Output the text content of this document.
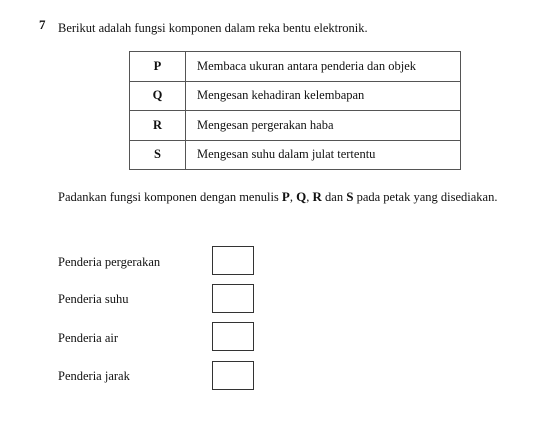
7 Berikut adalah fungsi komponen dalam reka bentu elektronik.
P	Membaca ukuran antara penderia dan objek
Q	Mengesan kehadiran kelembapan
R	Mengesan pergerakan haba
S	Mengesan suhu dalam julat tertentu
Padankan fungsi komponen dengan menulis P, Q, R dan S pada petak yang disediakan.
Penderia pergerakan
Penderia suhu
Penderia air
Penderia jarak
